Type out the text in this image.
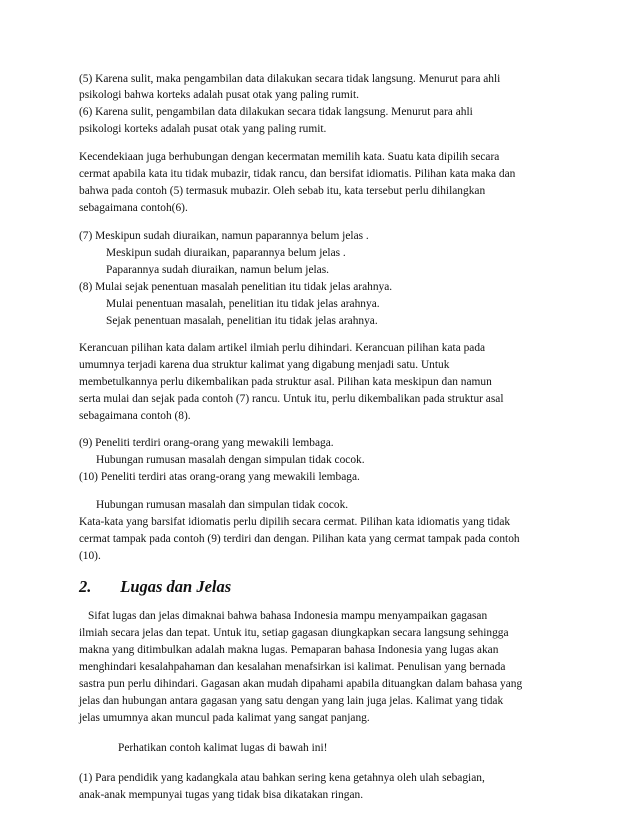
(5) Karena sulit, maka pengambilan data dilakukan secara tidak langsung. Menurut para ahli
psikologi bahwa korteks adalah pusat otak yang paling rumit.
(6) Karena sulit, pengambilan data dilakukan secara tidak langsung. Menurut para ahli
psikologi korteks adalah pusat otak yang paling rumit.
Kecendekiaan juga berhubungan dengan kecermatan memilih kata. Suatu kata dipilih secara
cermat apabila kata itu tidak mubazir, tidak rancu, dan bersifat idiomatis. Pilihan kata maka dan
bahwa pada contoh (5) termasuk mubazir. Oleh sebab itu, kata tersebut perlu dihilangkan
sebagaimana contoh(6).
(7) Meskipun sudah diuraikan, namun paparannya belum jelas .
Meskipun sudah diuraikan, paparannya belum jelas .
Paparannya sudah diuraikan, namun belum jelas.
(8) Mulai sejak penentuan masalah penelitian itu tidak jelas arahnya.
Mulai penentuan masalah, penelitian itu tidak jelas arahnya.
Sejak penentuan masalah, penelitian itu tidak jelas arahnya.
Kerancuan pilihan kata dalam artikel ilmiah perlu dihindari. Kerancuan pilihan kata pada
umumnya terjadi karena dua struktur kalimat yang digabung menjadi satu. Untuk
membetulkannya perlu dikembalikan pada struktur asal. Pilihan kata meskipun dan namun
serta mulai dan sejak pada contoh (7) rancu. Untuk itu, perlu dikembalikan pada struktur asal
sebagaimana contoh (8).
(9) Peneliti terdiri orang-orang yang mewakili lembaga.
Hubungan rumusan masalah dengan simpulan tidak cocok.
(10) Peneliti terdiri atas orang-orang yang mewakili lembaga.
Hubungan rumusan masalah dan simpulan tidak cocok.
Kata-kata yang barsifat idiomatis perlu dipilih secara cermat. Pilihan kata idiomatis yang tidak
cermat tampak pada contoh (9) terdiri dan dengan. Pilihan kata yang cermat tampak pada contoh
(10).
2.       Lugas dan Jelas
Sifat lugas dan jelas dimaknai bahwa bahasa Indonesia mampu menyampaikan gagasan
ilmiah secara jelas dan tepat. Untuk itu, setiap gagasan diungkapkan secara langsung sehingga
makna yang ditimbulkan adalah makna lugas. Pemaparan bahasa Indonesia yang lugas akan
menghindari kesalahpahaman dan kesalahan menafsirkan isi kalimat. Penulisan yang bernada
sastra pun perlu dihindari. Gagasan akan mudah dipahami apabila dituangkan dalam bahasa yang
jelas dan hubungan antara gagasan yang satu dengan yang lain juga jelas. Kalimat yang tidak
jelas umumnya akan muncul pada kalimat yang sangat panjang.
Perhatikan contoh kalimat lugas di bawah ini!
(1) Para pendidik yang kadangkala atau bahkan sering kena getahnya oleh ulah sebagian,
anak-anak mempunyai tugas yang tidak bisa dikatakan ringan.
